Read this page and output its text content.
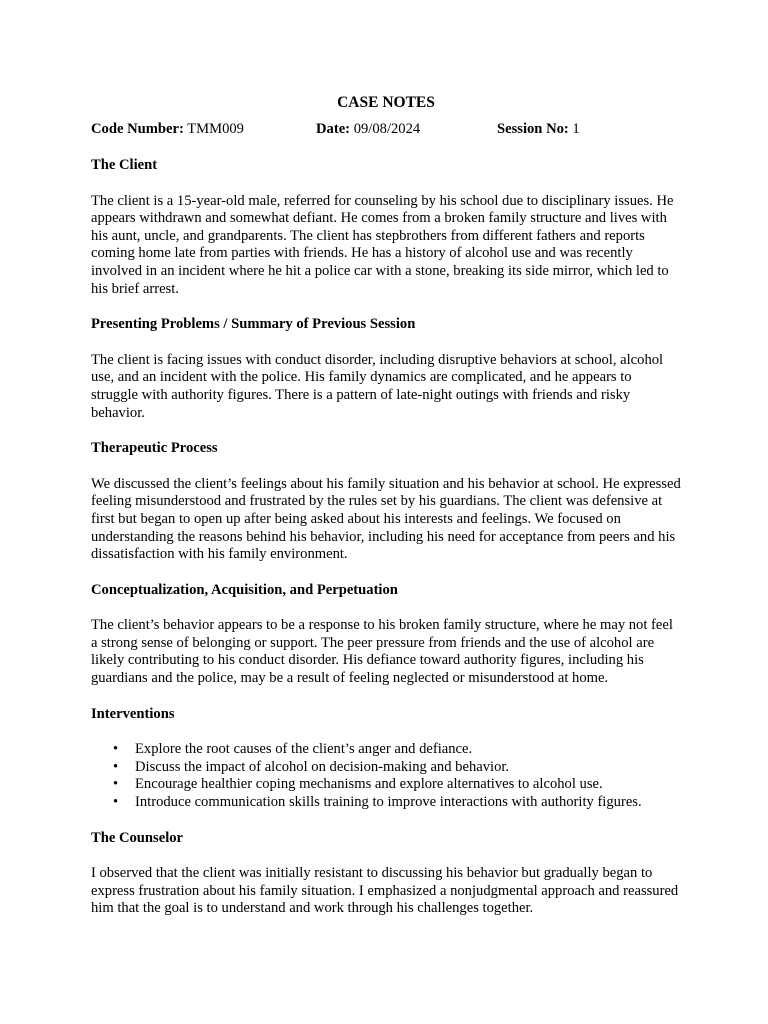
CASE NOTES
Code Number: TMM009	Date: 09/08/2024	Session No: 1
The Client

The client is a 15-year-old male, referred for counseling by his school due to disciplinary issues. He appears withdrawn and somewhat defiant. He comes from a broken family structure and lives with his aunt, uncle, and grandparents. The client has stepbrothers from different fathers and reports coming home late from parties with friends. He has a history of alcohol use and was recently involved in an incident where he hit a police car with a stone, breaking its side mirror, which led to his brief arrest.

Presenting Problems / Summary of Previous Session

The client is facing issues with conduct disorder, including disruptive behaviors at school, alcohol use, and an incident with the police. His family dynamics are complicated, and he appears to struggle with authority figures. There is a pattern of late-night outings with friends and risky behavior.

Therapeutic Process

We discussed the client’s feelings about his family situation and his behavior at school. He expressed feeling misunderstood and frustrated by the rules set by his guardians. The client was defensive at first but began to open up after being asked about his interests and feelings. We focused on understanding the reasons behind his behavior, including his need for acceptance from peers and his dissatisfaction with his family environment.

Conceptualization, Acquisition, and Perpetuation

The client’s behavior appears to be a response to his broken family structure, where he may not feel a strong sense of belonging or support. The peer pressure from friends and the use of alcohol are likely contributing to his conduct disorder. His defiance toward authority figures, including his guardians and the police, may be a result of feeling neglected or misunderstood at home.

Interventions
• Explore the root causes of the client’s anger and defiance.
• Discuss the impact of alcohol on decision-making and behavior.
• Encourage healthier coping mechanisms and explore alternatives to alcohol use.
• Introduce communication skills training to improve interactions with authority figures.
The Counselor

I observed that the client was initially resistant to discussing his behavior but gradually began to express frustration about his family situation. I emphasized a nonjudgmental approach and reassured him that the goal is to understand and work through his challenges together.
